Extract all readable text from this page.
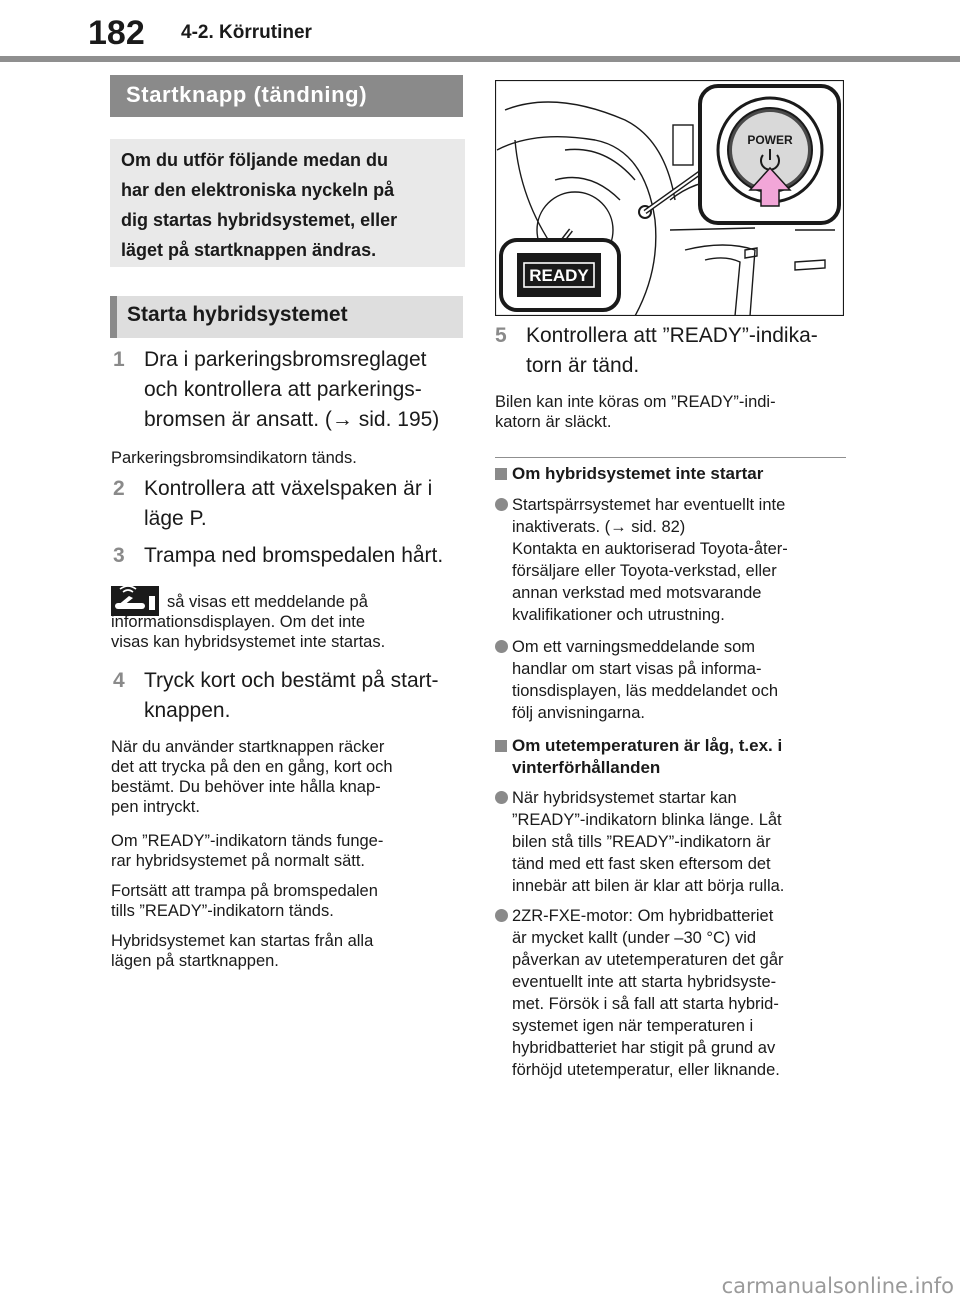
182 4-2. Körrutiner
Startknapp (tändning)

Om du utför följande medan du

har den elektroniska nyckeln på

dig startas hybridsystemet, eller

läget på startknappen ändras.

Starta hybridsystemet
1 Dra i parkeringsbromsreglaget
och kontrollera att parkerings-
bromsen är ansatt. (→ sid. 195)
Parkeringsbromsindikatorn tänds.
2 Kontrollera att växelspaken är i
läge P.
3 Trampa ned bromspedalen hårt.

så visas ett meddelande på

informationsdisplayen. Om det inte

visas kan hybridsystemet inte startas.

4 Tryck kort och bestämt på start-
knappen.

När du använder startknappen räcker

det att trycka på den en gång, kort och

bestämt. Du behöver inte hålla knap-

pen intryckt.

Om ”READY”-indikatorn tänds funge-

rar hybridsystemet på normalt sätt.

Fortsätt att trampa på bromspedalen

tills ”READY”-indikatorn tänds.

Hybridsystemet kan startas från alla

lägen på startknappen.

POWER
READY
5 Kontrollera att ”READY”-indika-
torn är tänd.

Bilen kan inte köras om ”READY”-indi-

katorn är släckt.

Om hybridsystemet inte startar

Startspärrsystemet har eventuellt inte

inaktiverats. (→ sid. 82)

Kontakta en auktoriserad Toyota-åter-

försäljare eller Toyota-verkstad, eller

annan verkstad med motsvarande

kvalifikationer och utrustning.

Om ett varningsmeddelande som

handlar om start visas på informa-

tionsdisplayen, läs meddelandet och

följ anvisningarna.

Om utetemperaturen är låg, t.ex. i
vinterförhållanden

När hybridsystemet startar kan

”READY”-indikatorn blinka länge. Låt

bilen stå tills ”READY”-indikatorn är

tänd med ett fast sken eftersom det

innebär att bilen är klar att börja rulla.

2ZR-FXE-motor: Om hybridbatteriet

är mycket kallt (under –30 °C) vid

påverkan av utetemperaturen det går

eventuellt inte att starta hybridsyste-

met. Försök i så fall att starta hybrid-

systemet igen när temperaturen i

hybridbatteriet har stigit på grund av

förhöjd utetemperatur, eller liknande.

carmanualsonline.info
